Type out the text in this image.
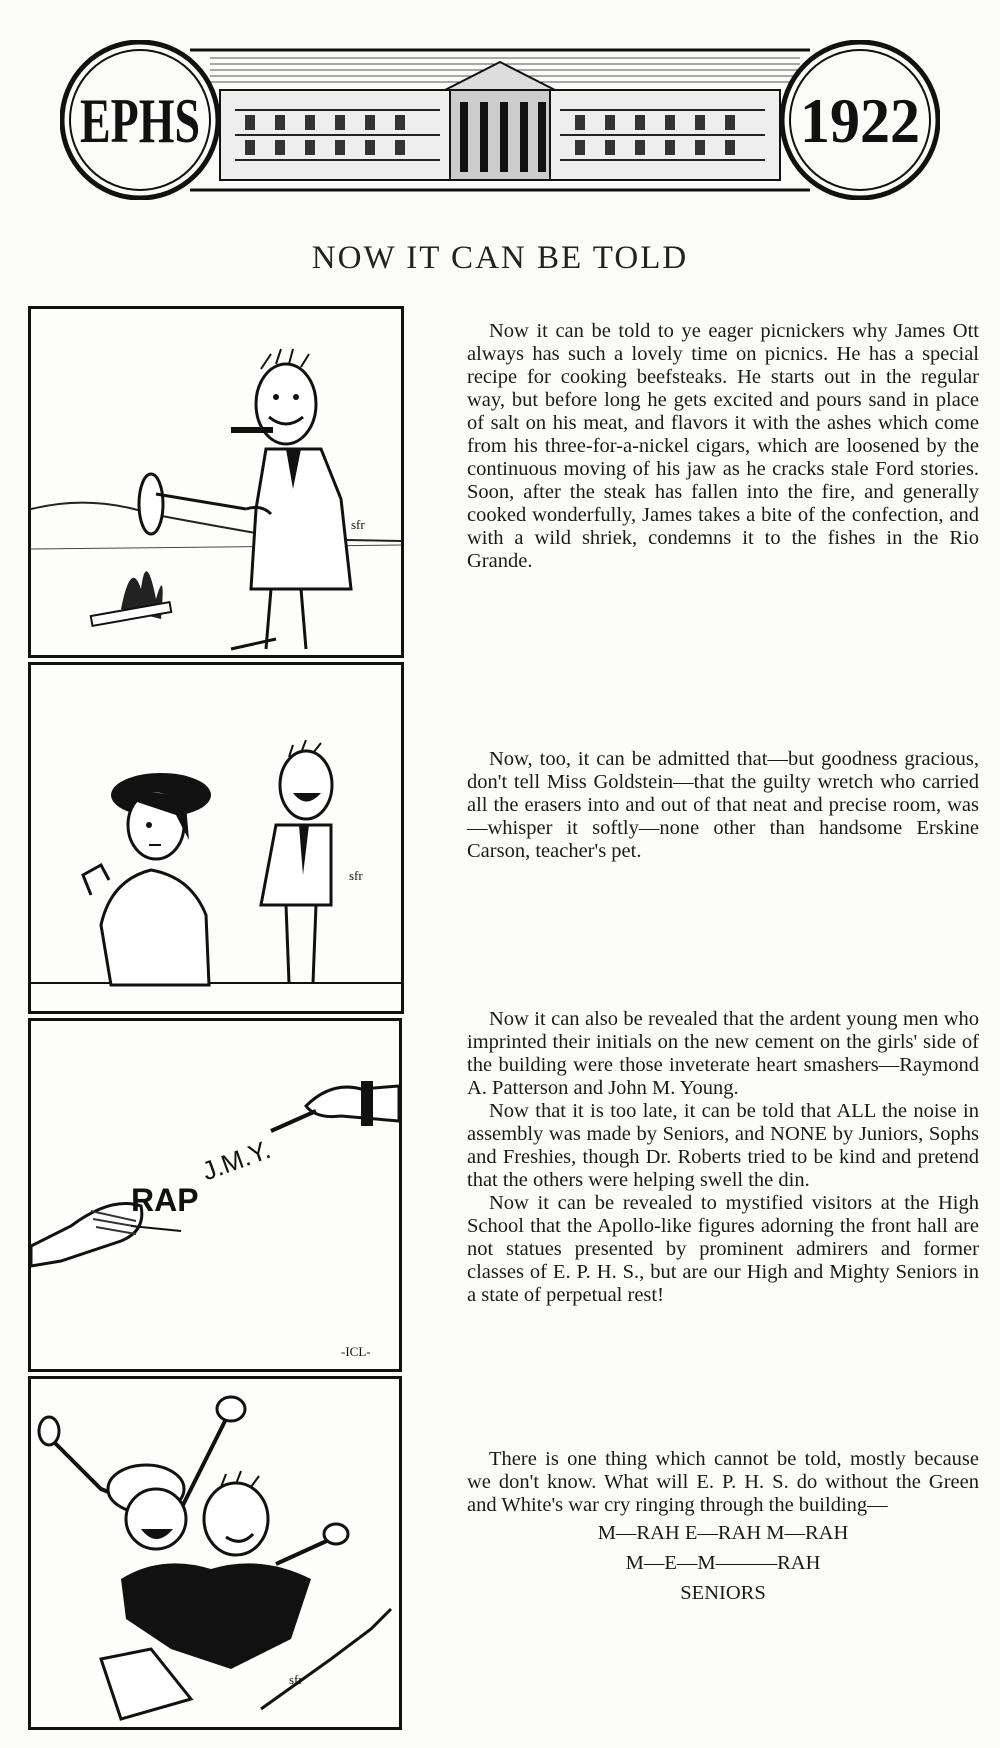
EPHS	1922
NOW IT CAN BE TOLD
sfr
sfr
J.M.Y.
RAP
-ICL-
sfr

Now it can be told to ye eager picnickers why James Ott always has such a lovely time on picnics. He has a special recipe for cooking beefsteaks. He starts out in the regular way, but before long he gets excited and pours sand in place of salt on his meat, and flavors it with the ashes which come from his three-for-a-nickel cigars, which are loosened by the continuous moving of his jaw as he cracks stale Ford stories. Soon, after the steak has fallen into the fire, and generally cooked wonderfully, James takes a bite of the confection, and with a wild shriek, condemns it to the fishes in the Rio Grande.

Now, too, it can be admitted that—but goodness gracious, don't tell Miss Goldstein—that the guilty wretch who carried all the erasers into and out of that neat and precise room, was—whisper it softly—none other than handsome Erskine Carson, teacher's pet.

Now it can also be revealed that the ardent young men who imprinted their initials on the new cement on the girls' side of the building were those inveterate heart smashers—Raymond A. Patterson and John M. Young.

Now that it is too late, it can be told that ALL the noise in assembly was made by Seniors, and NONE by Juniors, Sophs and Freshies, though Dr. Roberts tried to be kind and pretend that the others were helping swell the din.

Now it can be revealed to mystified visitors at the High School that the Apollo-like figures adorning the front hall are not statues presented by prominent admirers and former classes of E. P. H. S., but are our High and Mighty Seniors in a state of perpetual rest!

There is one thing which cannot be told, mostly because we don't know. What will E. P. H. S. do without the Green and White's war cry ringing through the building—

M—RAH E—RAH M—RAH
M—E—M———RAH
SENIORS
